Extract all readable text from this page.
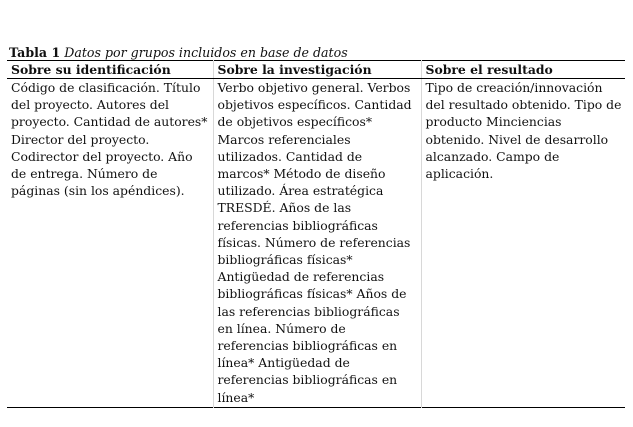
Tabla 1 Datos por grupos incluidos en base de datos

Sobre su identificación	Sobre la investigación	Sobre el resultado
Código de clasificación. Título del proyecto. Autores del proyecto. Cantidad de autores* Director del proyecto. Codirector del proyecto. Año de entrega. Número de páginas (sin los apéndices).	Verbo objetivo general. Verbos objetivos específicos. Cantidad de objetivos específicos* Marcos referenciales utilizados. Cantidad de marcos* Método de diseño utilizado. Área estratégica TRESDÉ. Años de las referencias bibliográficas físicas. Número de referencias bibliográficas físicas* Antigüedad de referencias bibliográficas físicas* Años de las referencias bibliográficas en línea. Número de referencias bibliográficas en línea* Antigüedad de referencias bibliográficas en línea*	Tipo de creación/innovación del resultado obtenido. Tipo de producto Minciencias obtenido. Nivel de desarrollo alcanzado. Campo de aplicación.
